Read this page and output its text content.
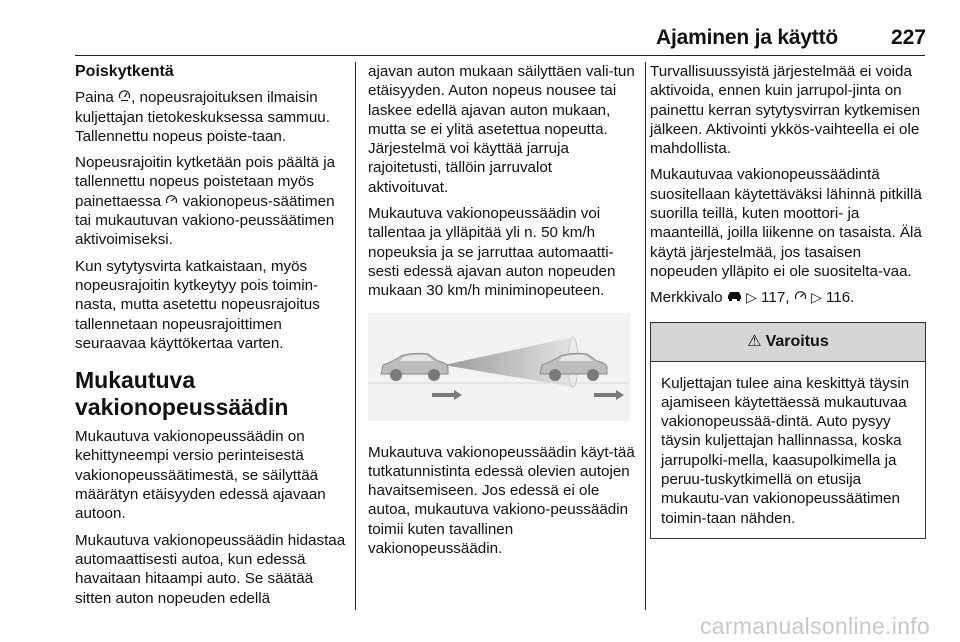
Ajaminen ja käyttö	227
Poiskytkentä

Paina , nopeusrajoituksen ilmaisin kuljettajan tietokeskuksessa sammuu. Tallennettu nopeus poiste-taan.

Nopeusrajoitin kytketään pois päältä ja tallennettu nopeus poistetaan myös painettaessa  vakionopeus-säätimen tai mukautuvan vakiono-peussäätimen aktivoimiseksi.

Kun sytytysvirta katkaistaan, myös nopeusrajoitin kytkeytyy pois toimin-nasta, mutta asetettu nopeusrajoitus tallennetaan nopeusrajoittimen seuraavaa käyttökertaa varten.

Mukautuva vakionopeussäädin

Mukautuva vakionopeussäädin on kehittyneempi versio perinteisestä vakionopeussäätimestä, se säilyttää määrätyn etäisyyden edessä ajavaan autoon.

Mukautuva vakionopeussäädin hidastaa automaattisesti autoa, kun edessä havaitaan hitaampi auto. Se säätää sitten auton nopeuden edellä

ajavan auton mukaan säilyttäen vali-tun etäisyyden. Auton nopeus nousee tai laskee edellä ajavan auton mukaan, mutta se ei ylitä asetettua nopeutta. Järjestelmä voi käyttää jarruja rajoitetusti, tällöin jarruvalot aktivoituvat.

Mukautuva vakionopeussäädin voi tallentaa ja ylläpitää yli n. 50 km/h nopeuksia ja se jarruttaa automaatti-sesti edessä ajavan auton nopeuden mukaan 30 km/h miniminopeuteen.

Mukautuva vakionopeussäädin käyt-tää tutkatunnistinta edessä olevien autojen havaitsemiseen. Jos edessä ei ole autoa, mukautuva vakiono-peussäädin toimii kuten tavallinen vakionopeussäädin.

Turvallisuussyistä järjestelmää ei voida aktivoida, ennen kuin jarrupol-jinta on painettu kerran sytytysvirran kytkemisen jälkeen. Aktivointi ykkös-vaihteella ei ole mahdollista.

Mukautuvaa vakionopeussäädintä suositellaan käytettäväksi lähinnä pitkillä suorilla teillä, kuten moottori- ja maanteillä, joilla liikenne on tasaista. Älä käytä järjestelmää, jos tasaisen nopeuden ylläpito ei ole suositelta-vaa.

Merkkivalo  ▷ 117,  ▷ 116.

⚠ Varoitus
Kuljettajan tulee aina keskittyä täysin ajamiseen käytettäessä mukautuvaa vakionopeussää-dintä. Auto pysyy täysin kuljettajan hallinnassa, koska jarrupolki-mella, kaasupolkimella ja peruu-tuskytkimellä on etusija mukautu-van vakionopeussäätimen toimin-taan nähden.
carmanualsonline.info
